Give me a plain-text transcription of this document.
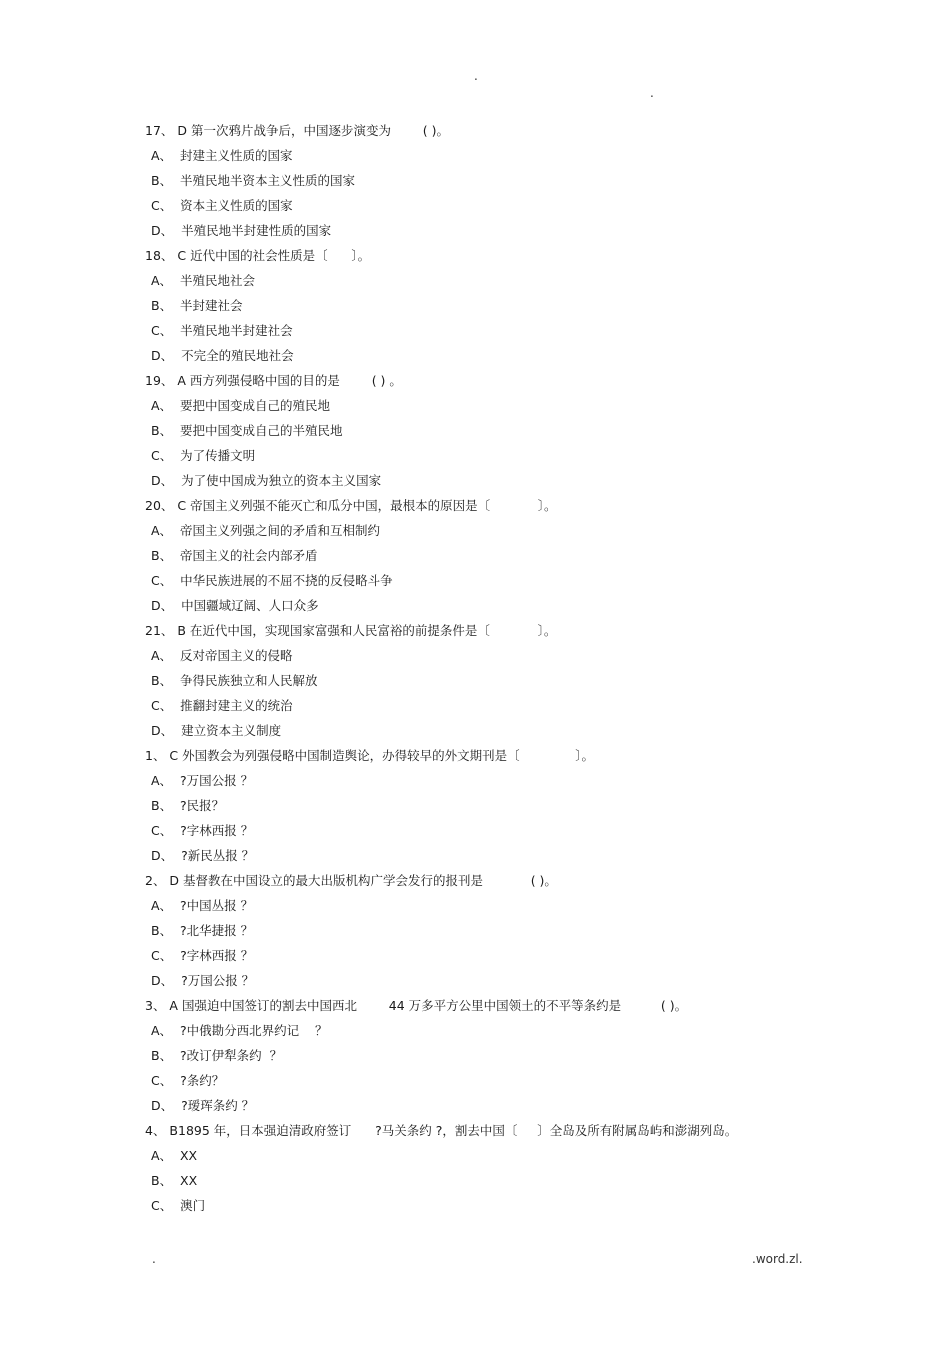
.
.
17、 D 第一次鸦片战争后，中国逐步演变为        ( )。
A、  封建主义性质的国家
B、  半殖民地半资本主义性质的国家
C、  资本主义性质的国家
D、  半殖民地半封建性质的国家
18、 C 近代中国的社会性质是〔      〕。
A、  半殖民地社会
B、  半封建社会
C、  半殖民地半封建社会
D、  不完全的殖民地社会
19、 A 西方列强侵略中国的目的是        ( ) 。
A、  要把中国变成自己的殖民地
B、  要把中国变成自己的半殖民地
C、  为了传播文明
D、  为了使中国成为独立的资本主义国家
20、 C 帝国主义列强不能灭亡和瓜分中国，最根本的原因是〔            〕。
A、  帝国主义列强之间的矛盾和互相制约
B、  帝国主义的社会内部矛盾
C、  中华民族进展的不屈不挠的反侵略斗争
D、  中国疆域辽阔、人口众多
21、 B 在近代中国，实现国家富强和人民富裕的前提条件是〔            〕。
A、  反对帝国主义的侵略
B、  争得民族独立和人民解放
C、  推翻封建主义的统治
D、  建立资本主义制度
1、 C 外国教会为列强侵略中国制造舆论，办得较早的外文期刊是〔              〕。
A、  ?万国公报 ？
B、  ?民报？
C、  ?字林西报 ？
D、  ?新民丛报 ？
2、 D 基督教在中国设立的最大出版机构广学会发行的报刊是            ( )。
A、  ?中国丛报 ？
B、  ?北华捷报 ？
C、  ?字林西报 ？
D、  ?万国公报 ？
3、 A 国强迫中国签订的割去中国西北        44 万多平方公里中国领土的不平等条约是          ( )。
A、  ?中俄勘分西北界约记    ？
B、  ?改订伊犁条约  ？
C、  ?条约？
D、  ?瑷珲条约 ？
4、 B1895 年，日本强迫清政府签订      ?马关条约 ?，割去中国〔     〕全岛及所有附属岛屿和澎湖列岛。
A、  XX
B、  XX
C、  澳门
.	.word.zl.
